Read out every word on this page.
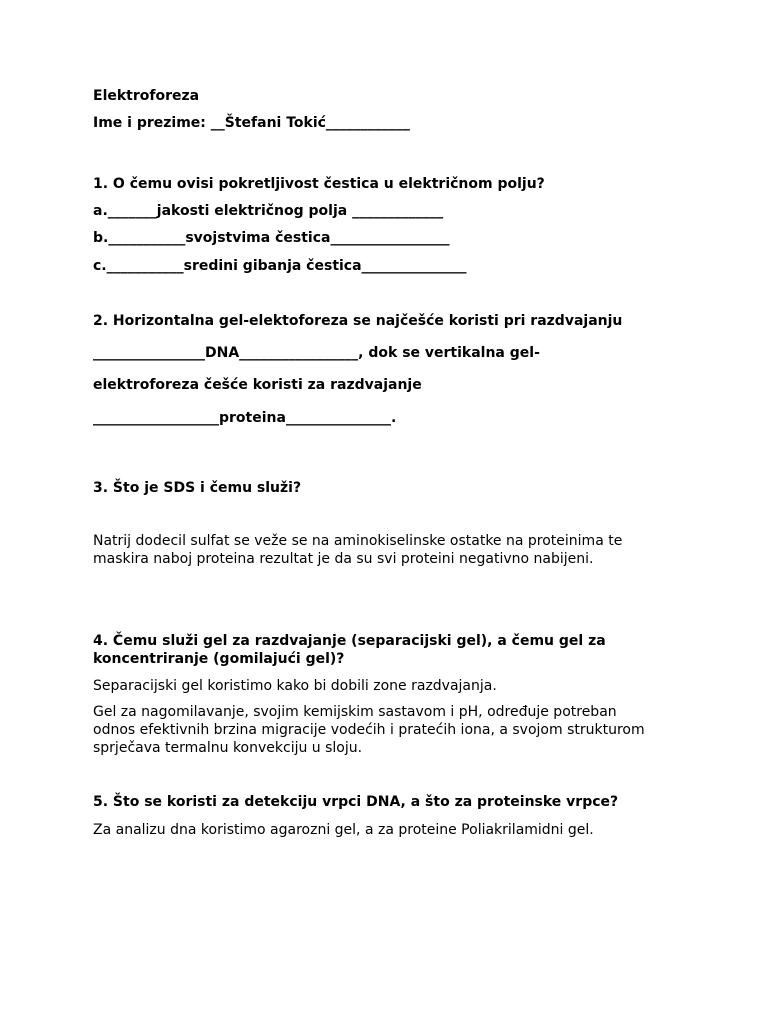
Elektroforeza

Ime i prezime: __Štefani Tokić____________

1. O čemu ovisi pokretljivost čestica u električnom polju?

a._______jakosti električnog polja _____________

b.___________svojstvima čestica_________________

c.___________sredini gibanja čestica_______________

2. Horizontalna gel-elektoforeza se najčešće koristi pri razdvajanju

________________DNA_________________, dok se vertikalna gel-

elektroforeza češće koristi za razdvajanje

__________________proteina_______________.

3. Što je SDS i čemu služi?

Natrij dodecil sulfat se veže se na aminokiselinske ostatke na proteinima te

maskira naboj proteina rezultat je da su svi proteini negativno nabijeni.

4. Čemu služi gel za razdvajanje (separacijski gel), a čemu gel za

koncentriranje (gomilajući gel)?

Separacijski gel koristimo kako bi dobili zone razdvajanja.

Gel za nagomilavanje, svojim kemijskim sastavom i pH, određuje potreban

odnos efektivnih brzina migracije vodećih i pratećih iona, a svojom strukturom

sprječava termalnu konvekciju u sloju.

5. Što se koristi za detekciju vrpci DNA, a što za proteinske vrpce?

Za analizu dna koristimo agarozni gel, a za proteine Poliakrilamidni gel.
